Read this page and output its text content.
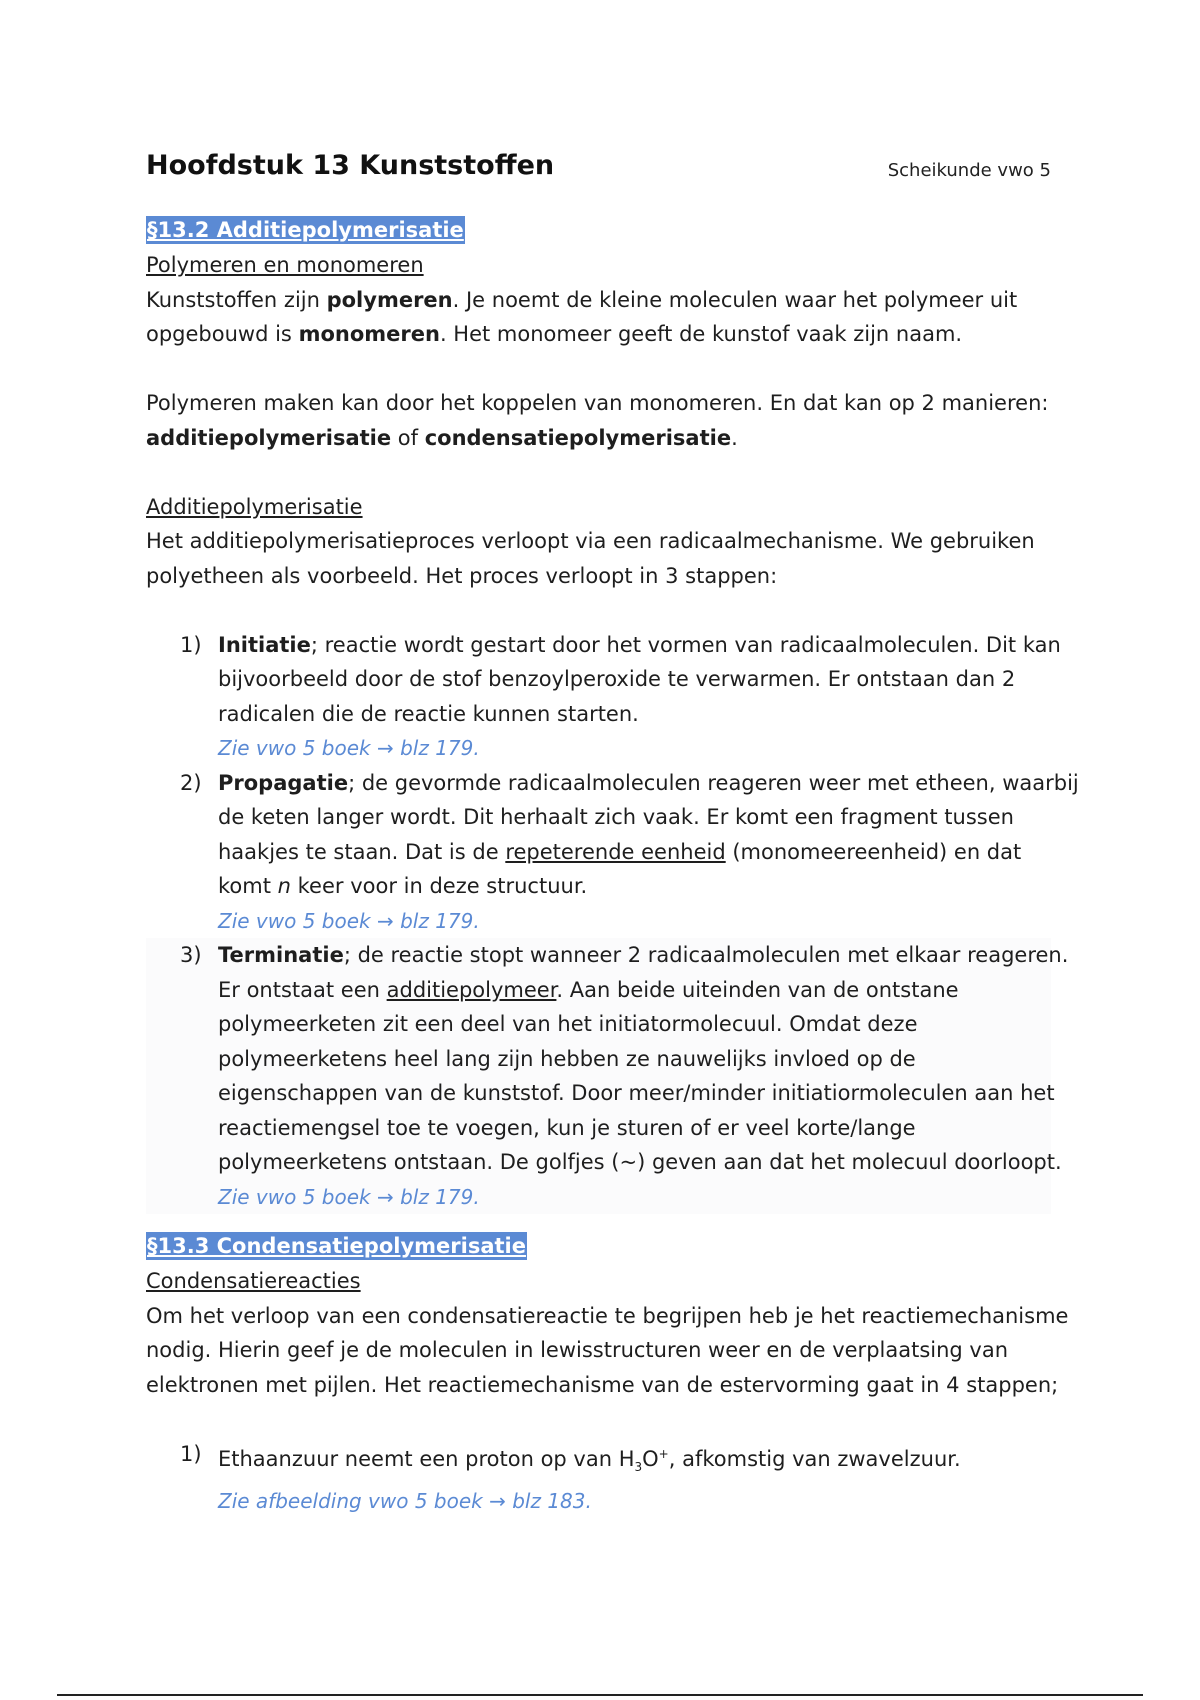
Hoofdstuk 13 Kunststoffen	Scheikunde vwo 5
§13.2 Additiepolymerisatie
Polymeren en monomeren
Kunststoffen zijn polymeren. Je noemt de kleine moleculen waar het polymeer uit
opgebouwd is monomeren. Het monomeer geeft de kunstof vaak zijn naam.
Polymeren maken kan door het koppelen van monomeren. En dat kan op 2 manieren:
additiepolymerisatie of condensatiepolymerisatie.
Additiepolymerisatie
Het additiepolymerisatieproces verloopt via een radicaalmechanisme. We gebruiken
polyetheen als voorbeeld. Het proces verloopt in 3 stappen:
1) Initiatie; reactie wordt gestart door het vormen van radicaalmoleculen. Dit kan
bijvoorbeeld door de stof benzoylperoxide te verwarmen. Er ontstaan dan 2
radicalen die de reactie kunnen starten.
Zie vwo 5 boek → blz 179.
2) Propagatie; de gevormde radicaalmoleculen reageren weer met etheen, waarbij
de keten langer wordt. Dit herhaalt zich vaak. Er komt een fragment tussen
haakjes te staan. Dat is de repeterende eenheid (monomeereenheid) en dat
komt n keer voor in deze structuur.
Zie vwo 5 boek → blz 179.
3) Terminatie; de reactie stopt wanneer 2 radicaalmoleculen met elkaar reageren.
Er ontstaat een additiepolymeer. Aan beide uiteinden van de ontstane
polymeerketen zit een deel van het initiatormolecuul. Omdat deze
polymeerketens heel lang zijn hebben ze nauwelijks invloed op de
eigenschappen van de kunststof. Door meer/minder initiatiormoleculen aan het
reactiemengsel toe te voegen, kun je sturen of er veel korte/lange
polymeerketens ontstaan. De golfjes (~) geven aan dat het molecuul doorloopt.
Zie vwo 5 boek → blz 179.
§13.3 Condensatiepolymerisatie
Condensatiereacties
Om het verloop van een condensatiereactie te begrijpen heb je het reactiemechanisme
nodig. Hierin geef je de moleculen in lewisstructuren weer en de verplaatsing van
elektronen met pijlen. Het reactiemechanisme van de estervorming gaat in 4 stappen;
1) Ethaanzuur neemt een proton op van $H_3O^+$, afkomstig van zwavelzuur.
Zie afbeelding vwo 5 boek → blz 183.
